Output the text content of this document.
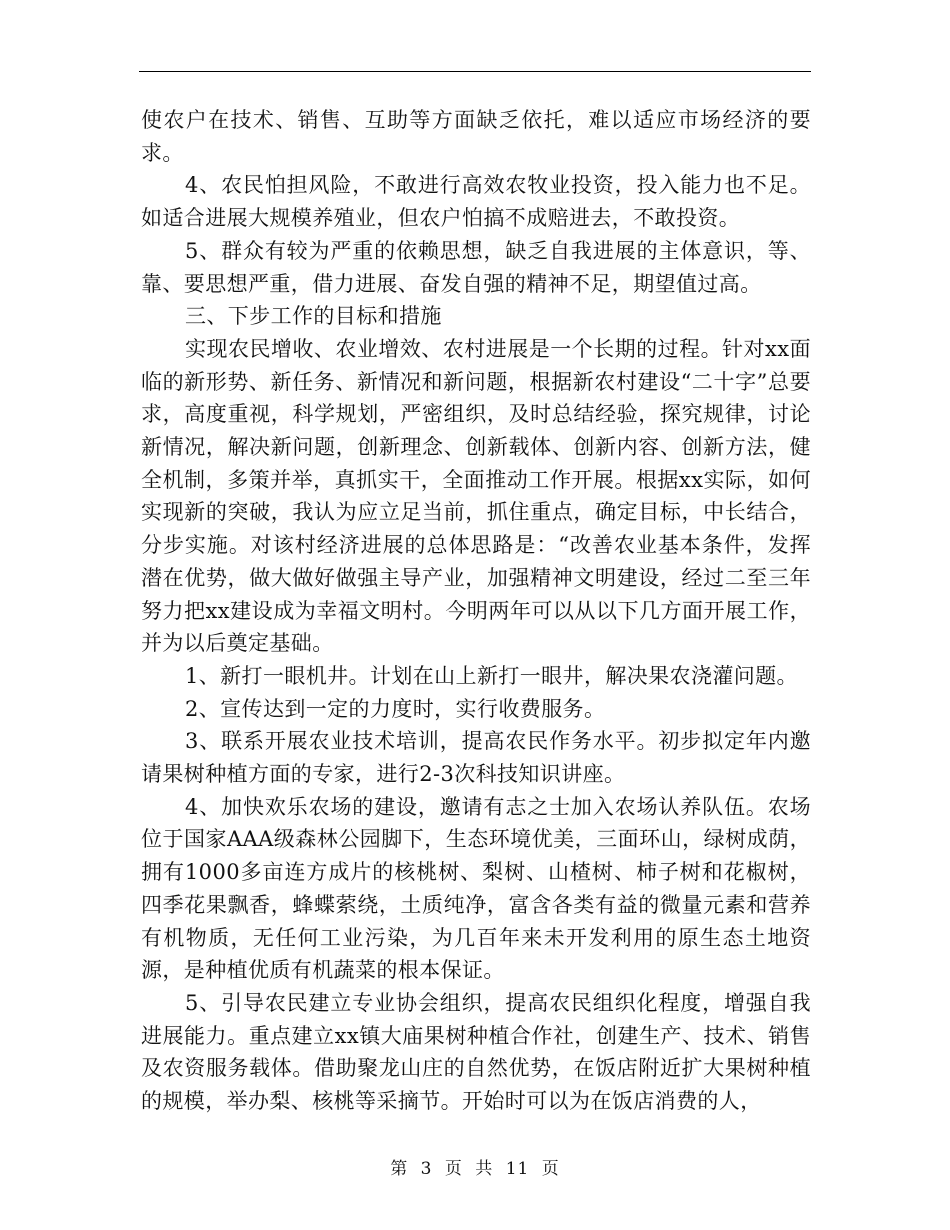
使农户在技术、销售、互助等方面缺乏依托，难以适应市场经济的要求。

4、农民怕担风险，不敢进行高效农牧业投资，投入能力也不足。如适合进展大规模养殖业，但农户怕搞不成赔进去，不敢投资。

5、群众有较为严重的依赖思想，缺乏自我进展的主体意识，等、靠、要思想严重，借力进展、奋发自强的精神不足，期望值过高。

三、下步工作的目标和措施

实现农民增收、农业增效、农村进展是一个长期的过程。针对xx面临的新形势、新任务、新情况和新问题，根据新农村建设“二十字”总要求，高度重视，科学规划，严密组织，及时总结经验，探究规律，讨论新情况，解决新问题，创新理念、创新载体、创新内容、创新方法，健全机制，多策并举，真抓实干，全面推动工作开展。根据xx实际，如何实现新的突破，我认为应立足当前，抓住重点，确定目标，中长结合，分步实施。对该村经济进展的总体思路是：“改善农业基本条件，发挥潜在优势，做大做好做强主导产业，加强精神文明建设，经过二至三年努力把xx建设成为幸福文明村。今明两年可以从以下几方面开展工作，并为以后奠定基础。

1、新打一眼机井。计划在山上新打一眼井，解决果农浇灌问题。

2、宣传达到一定的力度时，实行收费服务。

3、联系开展农业技术培训，提高农民作务水平。初步拟定年内邀请果树种植方面的专家，进行2-3次科技知识讲座。

4、加快欢乐农场的建设，邀请有志之士加入农场认养队伍。农场位于国家AAA级森林公园脚下，生态环境优美，三面环山，绿树成荫，拥有1000多亩连方成片的核桃树、梨树、山楂树、柿子树和花椒树，四季花果飘香，蜂蝶萦绕，土质纯净，富含各类有益的微量元素和营养有机物质，无任何工业污染，为几百年来未开发利用的原生态土地资源，是种植优质有机蔬菜的根本保证。

5、引导农民建立专业协会组织，提高农民组织化程度，增强自我进展能力。重点建立xx镇大庙果树种植合作社，创建生产、技术、销售及农资服务载体。借助聚龙山庄的自然优势，在饭店附近扩大果树种植的规模，举办梨、核桃等采摘节。开始时可以为在饭店消费的人，

第 3 页 共 11 页
